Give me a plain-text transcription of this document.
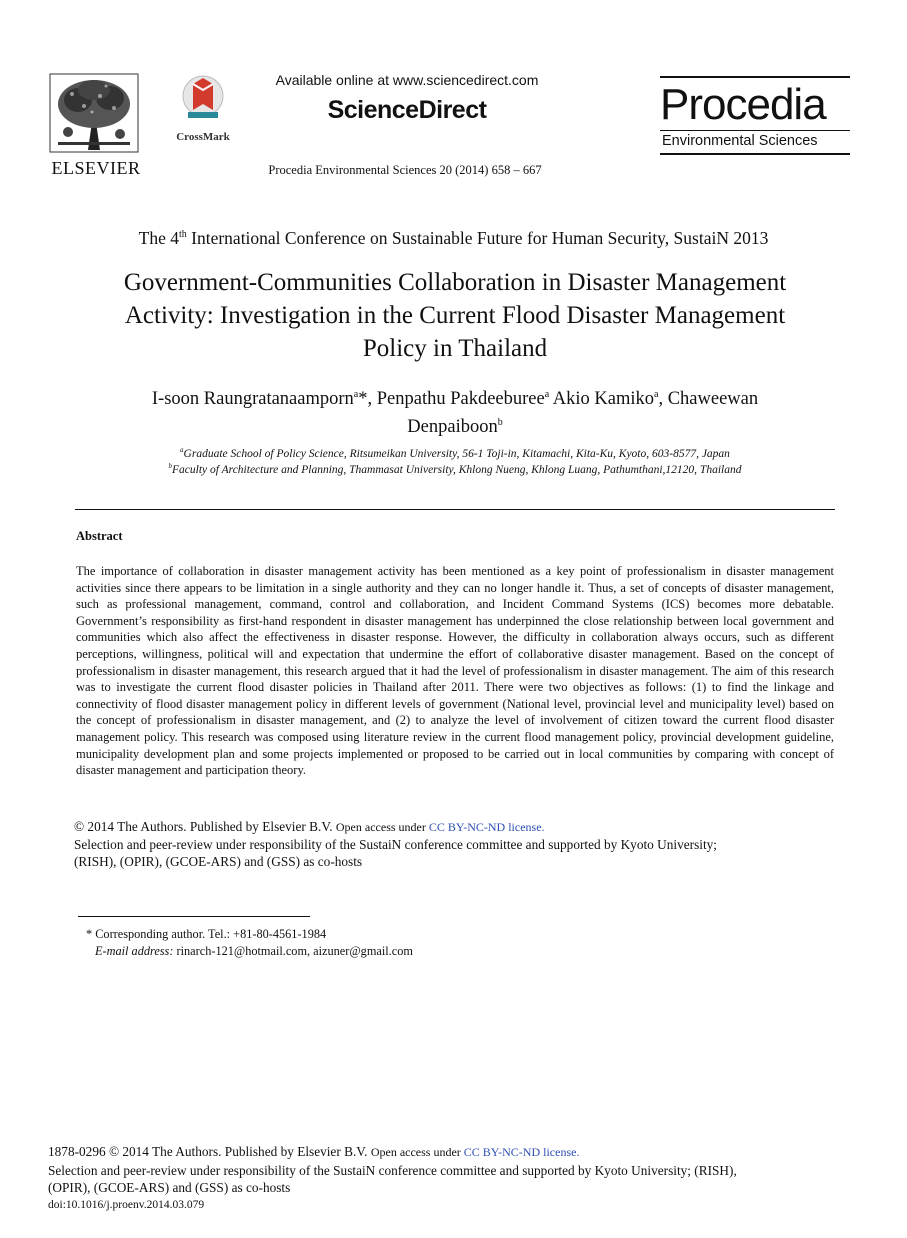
ELSEVIER
CrossMark
Available online at www.sciencedirect.com
ScienceDirect
Procedia Environmental Sciences 20 (2014) 658 – 667
Procedia
Environmental Sciences
The 4th International Conference on Sustainable Future for Human Security, SustaiN 2013
Government-Communities Collaboration in Disaster Management
Activity: Investigation in the Current Flood Disaster Management
Policy in Thailand
I-soon Raungratanaamporn$^a$*, Penpathu Pakdeeburee$^a$ Akio Kamiko$^a$, Chaweewan
Denpaiboon$^b$
$^a$Graduate School of Policy Science, Ritsumeikan University, 56-1 Toji-in, Kitamachi, Kita-Ku, Kyoto, 603-8577, Japan
$^b$Faculty of Architecture and Planning, Thammasat University, Khlong Nueng, Khlong Luang, Pathumthani,12120, Thailand
Abstract
The importance of collaboration in disaster management activity has been mentioned as a key point of professionalism in disaster management activities since there appears to be limitation in a single authority and they can no longer handle it. Thus, a set of concepts of disaster management, such as professional management, command, control and collaboration, and Incident Command Systems (ICS) becomes more debatable. Government’s responsibility as first-hand respondent in disaster management has underpinned the close relationship between local government and communities which also affect the effectiveness in disaster response. However, the difficulty in collaboration always occurs, such as different perceptions, willingness, political will and expectation that undermine the effort of collaborative disaster management. Based on the concept of professionalism in disaster management, this research argued that it had the level of professionalism in disaster management. The aim of this research was to investigate the current flood disaster policies in Thailand after 2011. There were two objectives as follows: (1) to find the linkage and connectivity of flood disaster management policy in different levels of government (National level, provincial level and municipality level) based on the concept of professionalism in disaster management, and (2) to analyze the level of involvement of citizen toward the current flood disaster management policy. This research was composed using literature review in the current flood management policy, provincial development guideline, municipality development plan and some projects implemented or proposed to be carried out in local communities by comparing with concept of disaster management and participation theory.
© 2014 The Authors. Published by Elsevier B.V. Open access under CC BY-NC-ND license.
Selection and peer-review under responsibility of the SustaiN conference committee and supported by Kyoto University;
(RISH), (OPIR), (GCOE-ARS) and (GSS) as co-hosts
* Corresponding author. Tel.: +81-80-4561-1984
E-mail address: rinarch-121@hotmail.com, aizuner@gmail.com
1878-0296 © 2014 The Authors. Published by Elsevier B.V. Open access under CC BY-NC-ND license.
Selection and peer-review under responsibility of the SustaiN conference committee and supported by Kyoto University; (RISH),
(OPIR), (GCOE-ARS) and (GSS) as co-hosts
doi:10.1016/j.proenv.2014.03.079
